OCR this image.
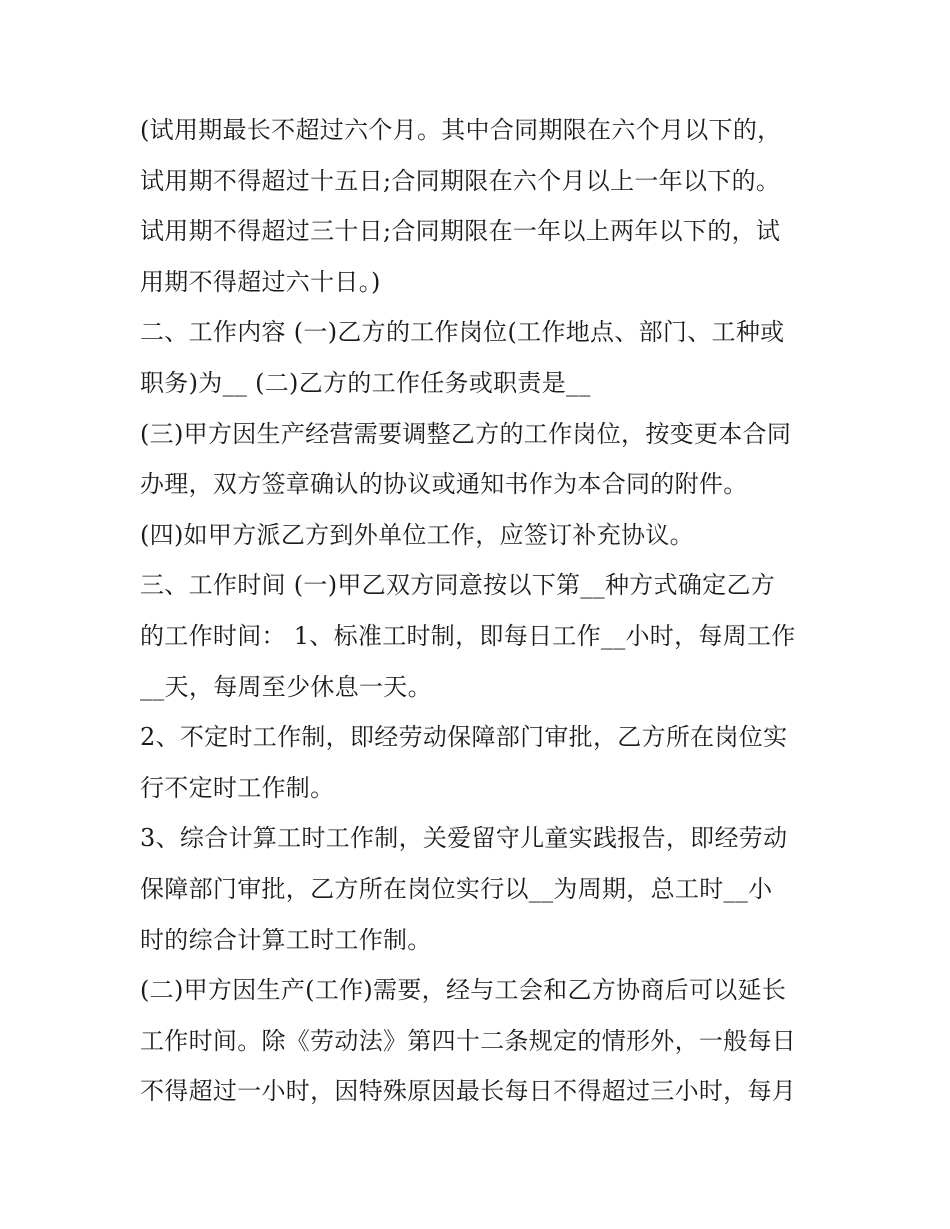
(试用期最长不超过六个月。其中合同期限在六个月以下的，
试用期不得超过十五日;合同期限在六个月以上一年以下的。
试用期不得超过三十日;合同期限在一年以上两年以下的，试
用期不得超过六十日。)
二、工作内容 (一)乙方的工作岗位(工作地点、部门、工种或
职务)为__ (二)乙方的工作任务或职责是__
(三)甲方因生产经营需要调整乙方的工作岗位，按变更本合同
办理，双方签章确认的协议或通知书作为本合同的附件。
(四)如甲方派乙方到外单位工作，应签订补充协议。
三、工作时间 (一)甲乙双方同意按以下第__种方式确定乙方
的工作时间： 1、标准工时制，即每日工作__小时，每周工作
__天，每周至少休息一天。
2、不定时工作制，即经劳动保障部门审批，乙方所在岗位实
行不定时工作制。
3、综合计算工时工作制，关爱留守儿童实践报告，即经劳动
保障部门审批，乙方所在岗位实行以__为周期，总工时__小
时的综合计算工时工作制。
(二)甲方因生产(工作)需要，经与工会和乙方协商后可以延长
工作时间。除《劳动法》第四十二条规定的情形外，一般每日
不得超过一小时，因特殊原因最长每日不得超过三小时，每月
